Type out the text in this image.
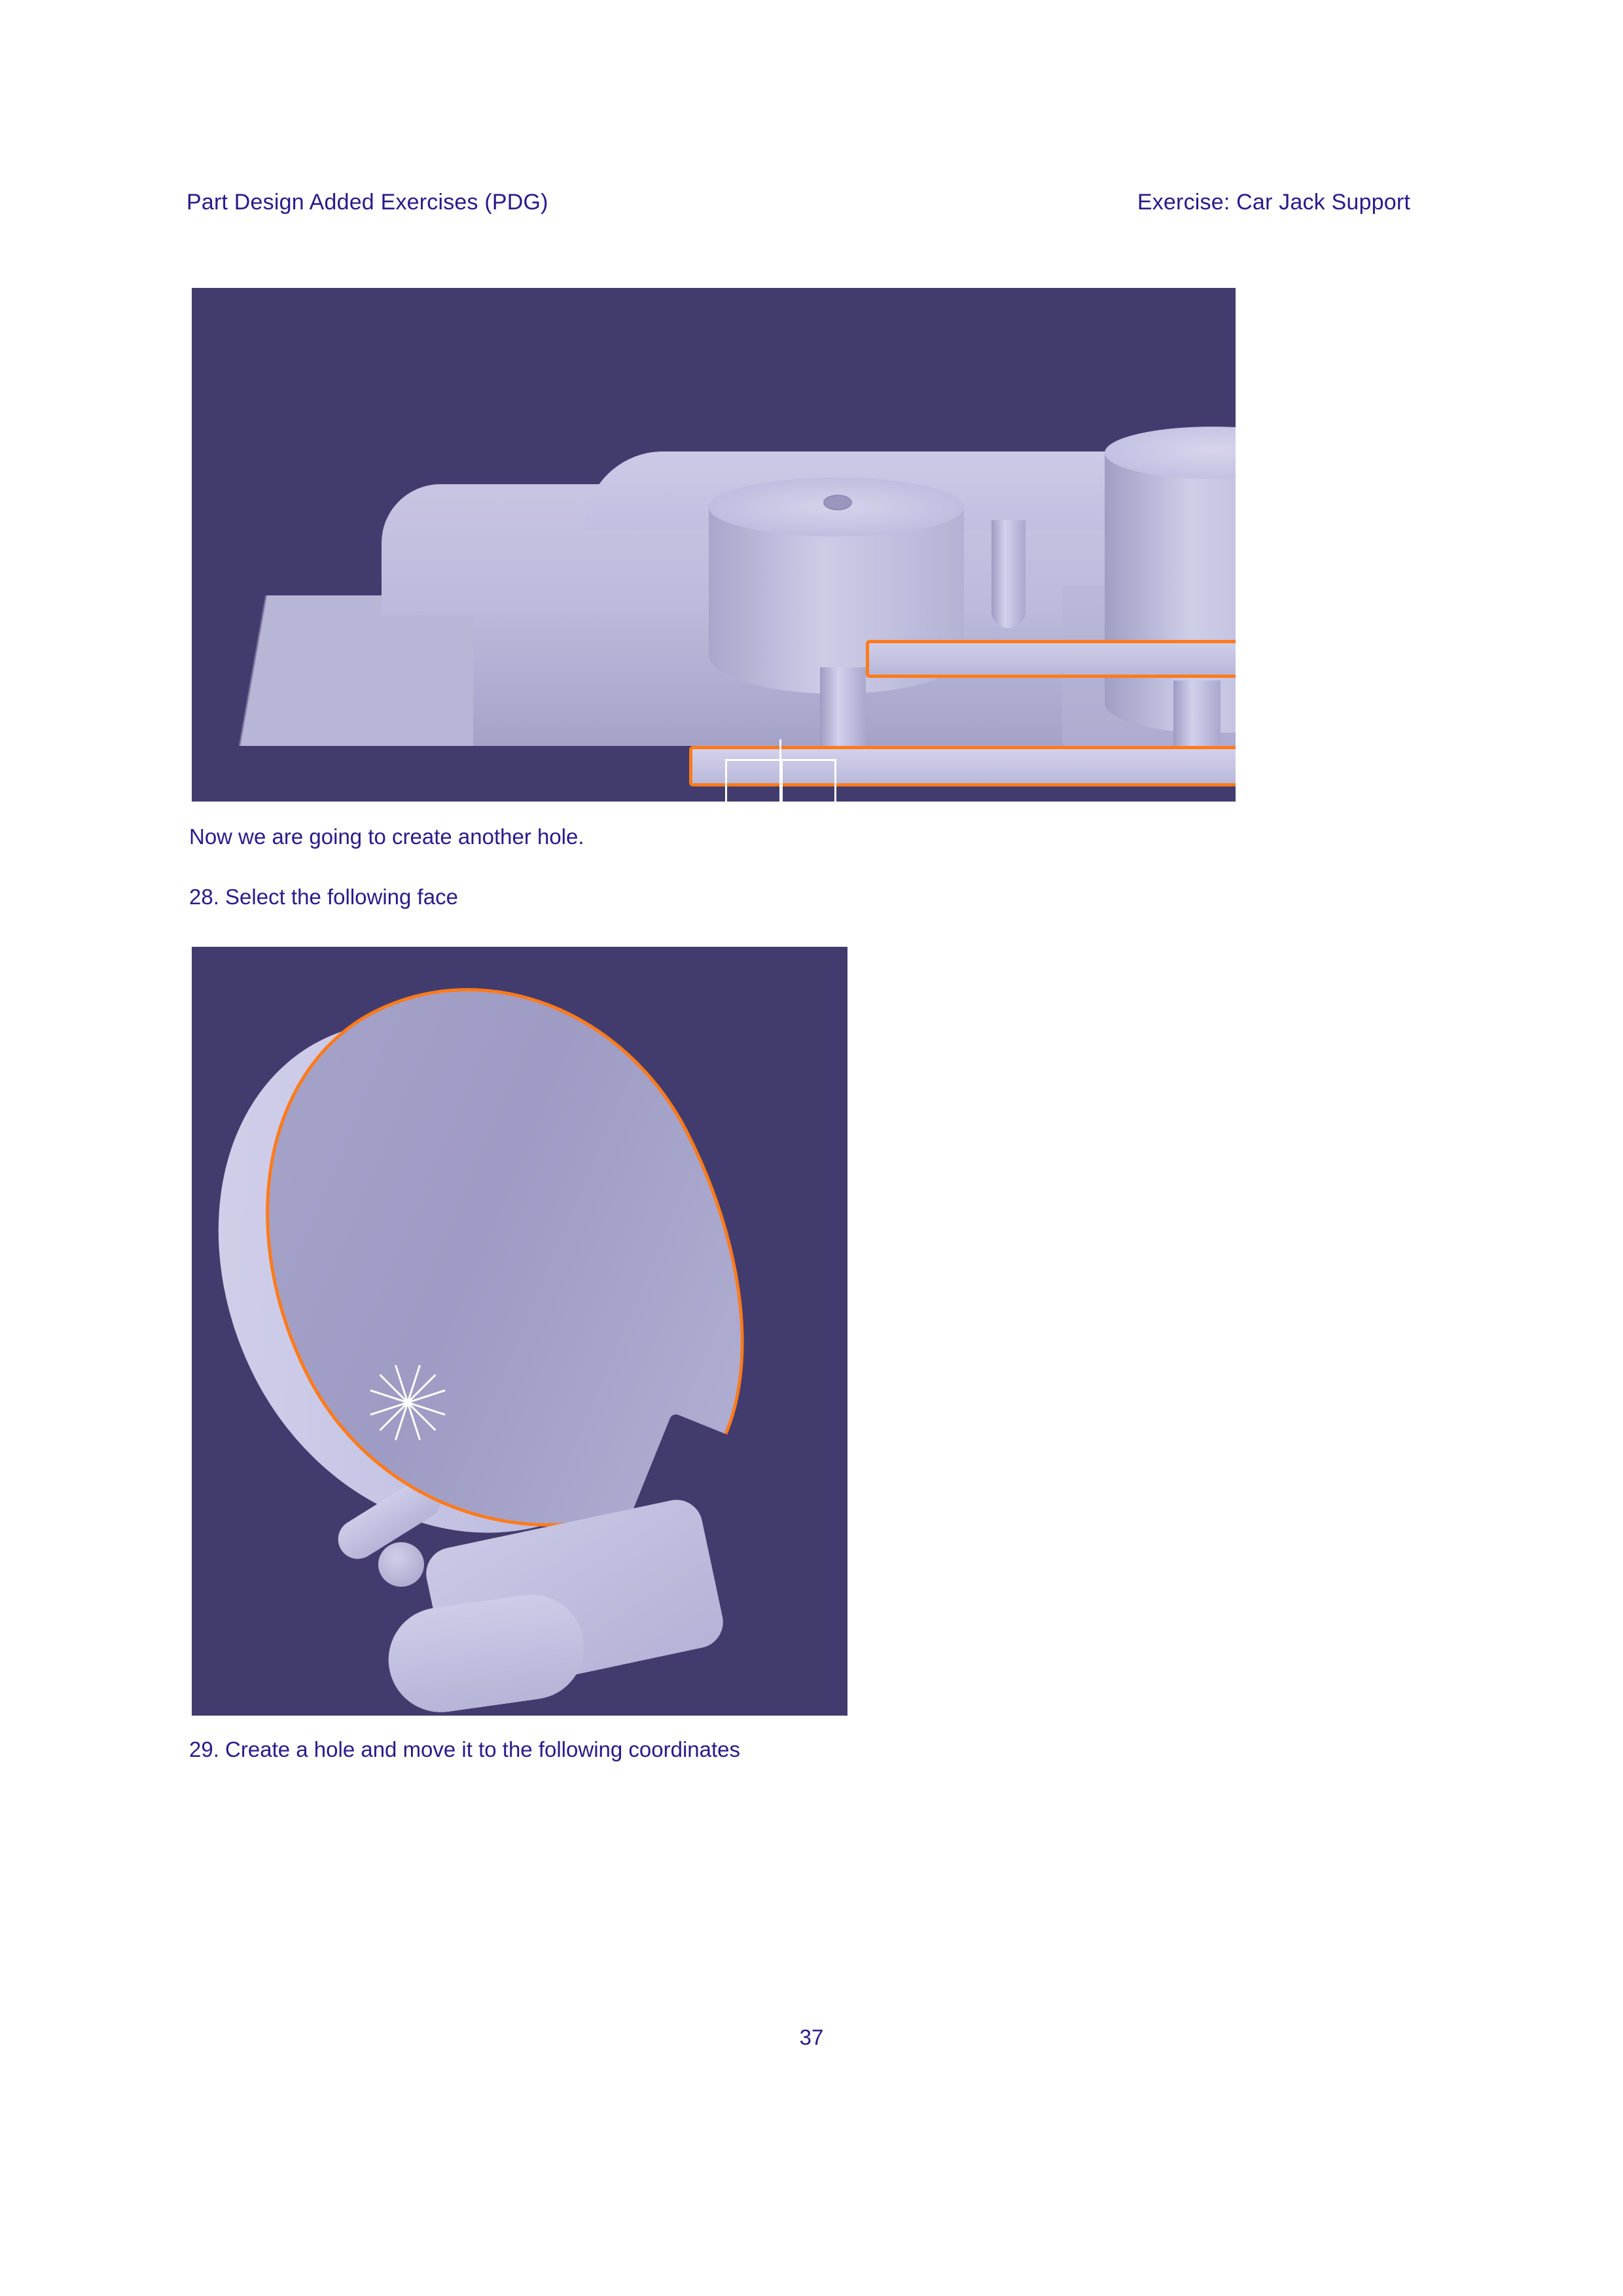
Part Design Added Exercises (PDG)	Exercise: Car Jack Support
Now we are going to create another hole.
28. Select the following face
29. Create a hole and move it to the following coordinates
37
